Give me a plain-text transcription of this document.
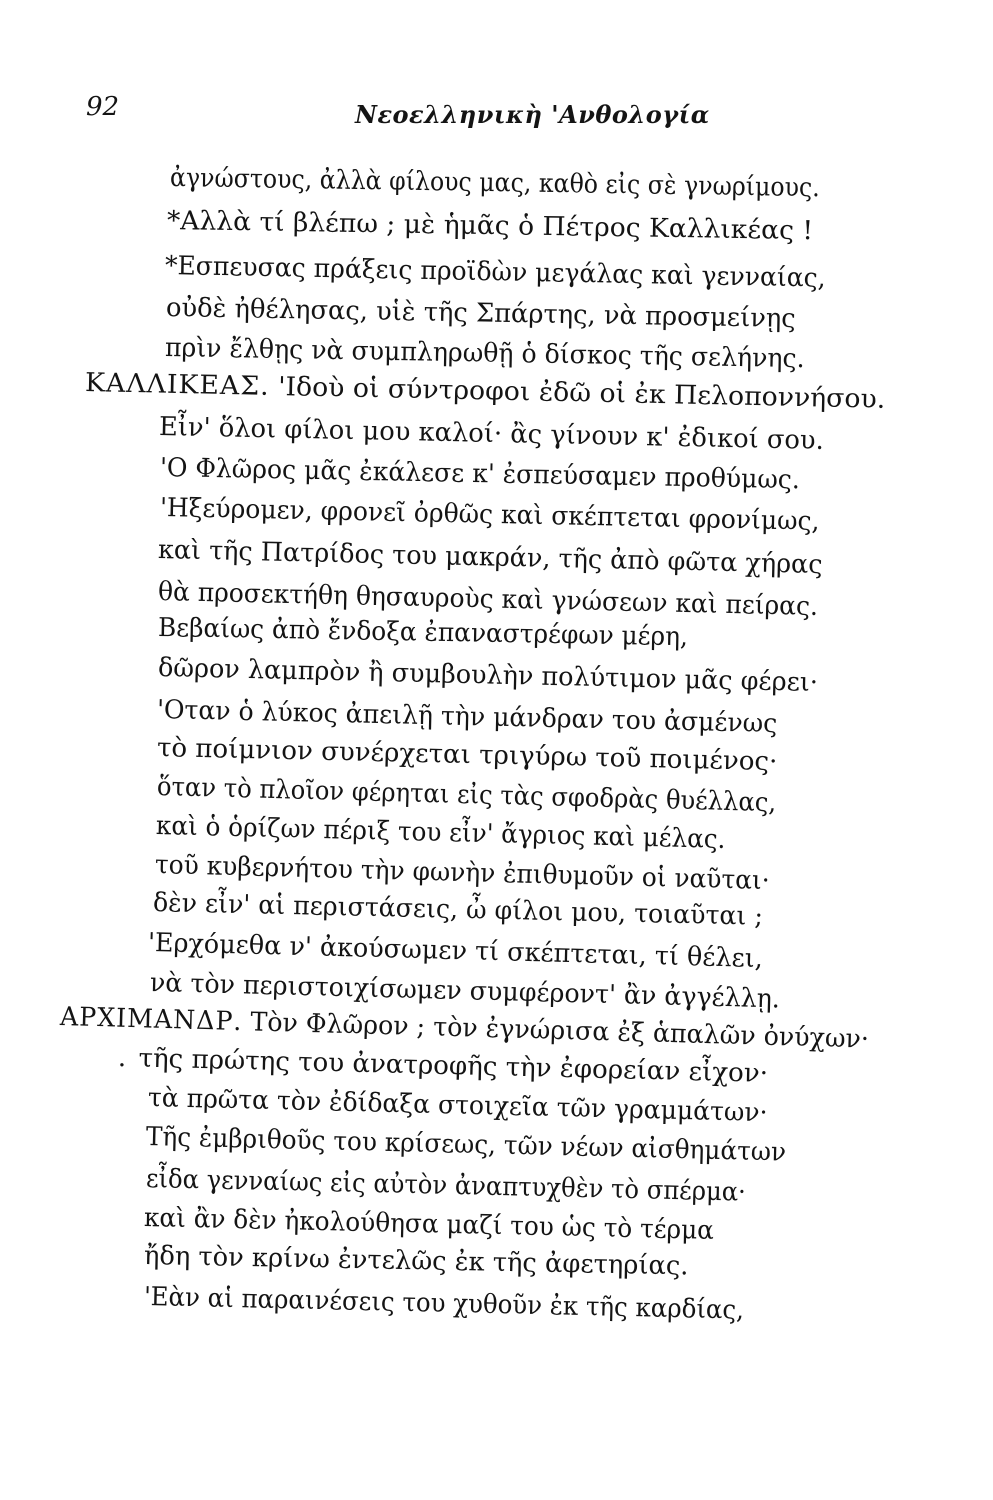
92	Νεοελληνικὴ 'Ανθολογία
ἀγνώστους, ἀλλὰ φίλους μας, καθὸ εἰς σὲ γνωρίμους.
*Αλλὰ τί βλέπω ; μὲ ἡμᾶς ὁ Πέτρος Καλλικέας !
*Εσπευσας πράξεις προϊδὼν μεγάλας καὶ γενναίας,
οὐδὲ ἠθέλησας, υἱὲ τῆς Σπάρτης, νὰ προσμείνῃς
πρὶν ἔλθῃς νὰ συμπληρωθῇ ὁ δίσκος τῆς σελήνης.
ΚΑΛΛΙΚΕΑΣ. 'Ιδοὺ οἱ σύντροφοι ἐδῶ οἱ ἐκ Πελοποννήσου.
Εἶν' ὅλοι φίλοι μου καλοί· ἂς γίνουν κ' ἐδικοί σου.
'Ο Φλῶρος μᾶς ἐκάλεσε κ' ἐσπεύσαμεν προθύμως.
'Ηξεύρομεν, φρονεῖ ὀρθῶς καὶ σκέπτεται φρονίμως,
καὶ τῆς Πατρίδος του μακράν, τῆς ἀπὸ φῶτα χήρας
θὰ προσεκτήθη θησαυροὺς καὶ γνώσεων καὶ πείρας.
Βεβαίως ἀπὸ ἔνδοξα ἐπαναστρέφων μέρη,
δῶρον λαμπρὸν ἢ συμβουλὴν πολύτιμον μᾶς φέρει·
'Οταν ὁ λύκος ἀπειλῇ τὴν μάνδραν του ἀσμένως
τὸ ποίμνιον συνέρχεται τριγύρω τοῦ ποιμένος·
ὅταν τὸ πλοῖον φέρηται εἰς τὰς σφοδρὰς θυέλλας,
καὶ ὁ ὁρίζων πέριξ του εἶν' ἄγριος καὶ μέλας.
τοῦ κυβερνήτου τὴν φωνὴν ἐπιθυμοῦν οἱ ναῦται·
δὲν εἶν' αἱ περιστάσεις, ὦ φίλοι μου, τοιαῦται ;
'Ερχόμεθα ν' ἀκούσωμεν τί σκέπτεται, τί θέλει,
νὰ τὸν περιστοιχίσωμεν συμφέροντ' ἂν ἀγγέλλῃ.
ΑΡΧΙΜΑΝΔΡ. Τὸν Φλῶρον ; τὸν ἐγνώρισα ἐξ ἁπαλῶν ὀνύχων·
. τῆς πρώτης του ἀνατροφῆς τὴν ἐφορείαν εἶχον·
τὰ πρῶτα τὸν ἐδίδαξα στοιχεῖα τῶν γραμμάτων·
Τῆς ἐμβριθοῦς του κρίσεως, τῶν νέων αἰσθημάτων
εἶδα γενναίως εἰς αὐτὸν ἀναπτυχθὲν τὸ σπέρμα·
καὶ ἂν δὲν ἠκολούθησα μαζί του ὡς τὸ τέρμα
ἤδη τὸν κρίνω ἐντελῶς ἐκ τῆς ἀφετηρίας.
'Εὰν αἱ παραινέσεις του χυθοῦν ἐκ τῆς καρδίας,
